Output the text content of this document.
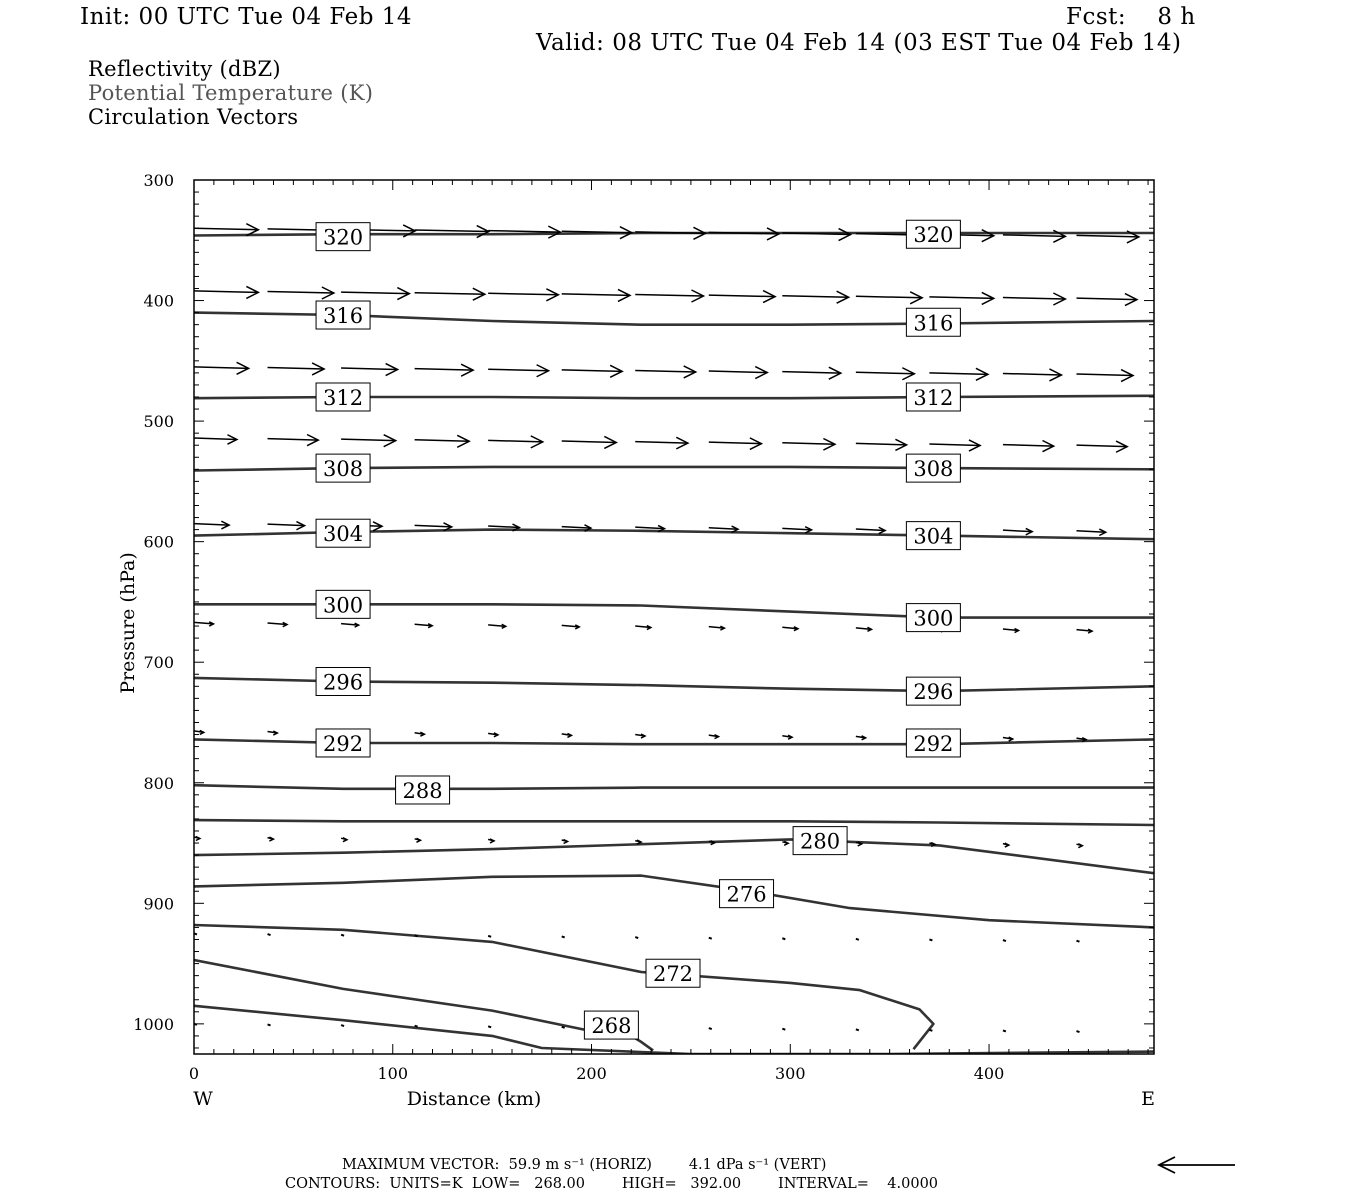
Init: 00 UTC Tue 04 Feb 14	Fcst:    8 h
Valid: 08 UTC Tue 04 Feb 14 (03 EST Tue 04 Feb 14)
Reflectivity (dBZ)
Potential Temperature (K)
Circulation Vectors
320	320
316	316
312	312
308	308
304	304
300
300
296	296
292	292
288
280
276
272
268
300
400
500
600
700
800
900
1000
0	100	200	300	400
W	E
Distance (km)
Pressure (hPa)
MAXIMUM VECTOR:  59.9 m s⁻¹ (HORIZ)        4.1 dPa s⁻¹ (VERT)
CONTOURS:  UNITS=K  LOW=   268.00        HIGH=   392.00        INTERVAL=    4.0000
